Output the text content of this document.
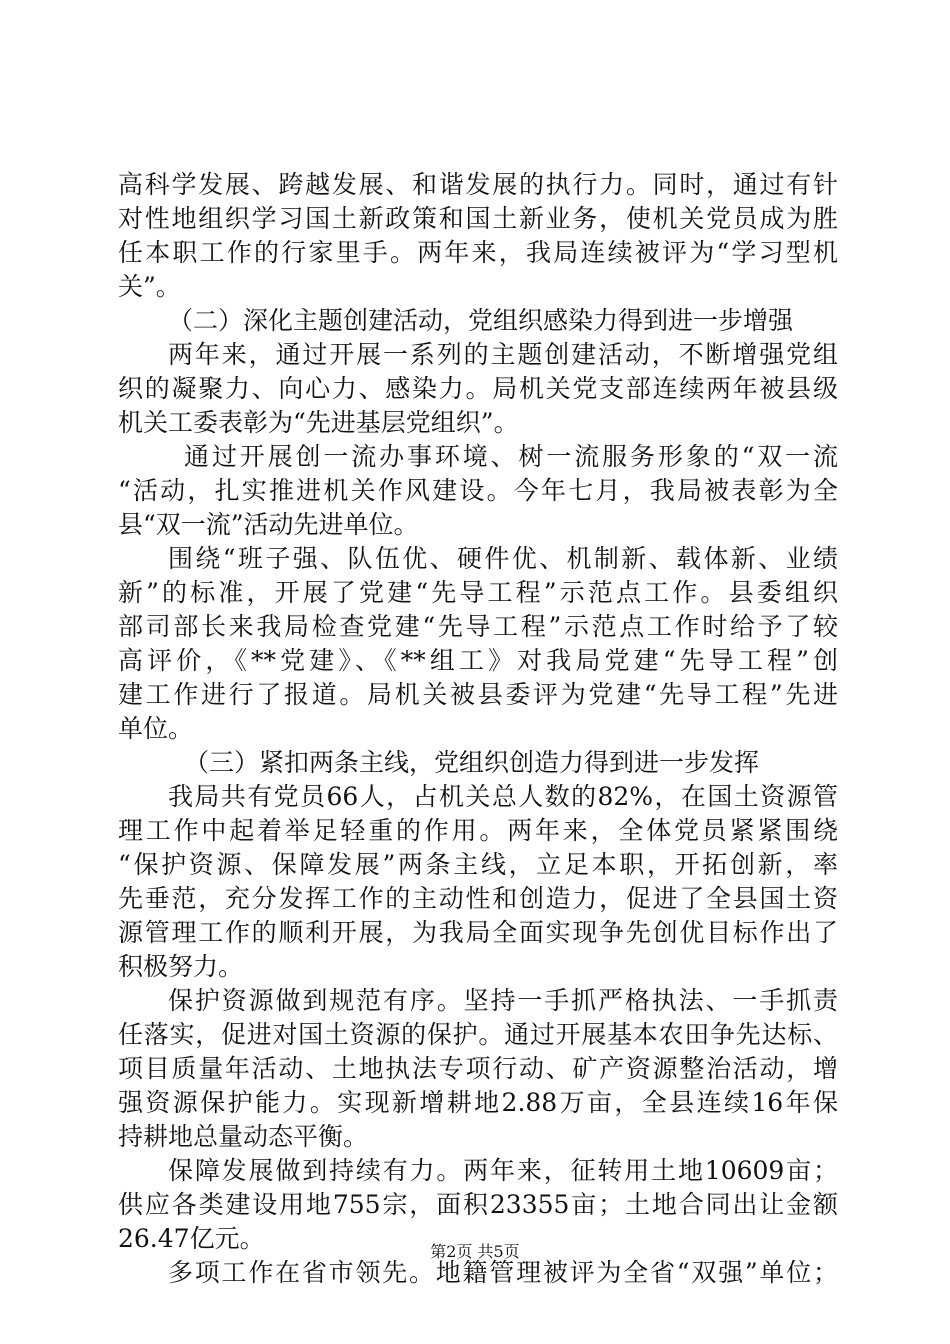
高科学发展、跨越发展、和谐发展的执行力。同时，通过有针
对性地组织学习国土新政策和国土新业务，使机关党员成为胜
任本职工作的行家里手。两年来，我局连续被评为“学习型机
关”。
（二）深化主题创建活动，党组织感染力得到进一步增强
两年来，通过开展一系列的主题创建活动，不断增强党组
织的凝聚力、向心力、感染力。局机关党支部连续两年被县级
机关工委表彰为“先进基层党组织”。
通过开展创一流办事环境、树一流服务形象的“双一流
“活动，扎实推进机关作风建设。今年七月，我局被表彰为全
县“双一流”活动先进单位。
围绕“班子强、队伍优、硬件优、机制新、载体新、业绩
新”的标准，开展了党建“先导工程”示范点工作。县委组织
部司部长来我局检查党建“先导工程”示范点工作时给予了较
高评价，《**党建》、《**组工》对我局党建“先导工程”创
建工作进行了报道。局机关被县委评为党建“先导工程”先进
单位。
（三）紧扣两条主线，党组织创造力得到进一步发挥
我局共有党员66人，占机关总人数的82%，在国土资源管
理工作中起着举足轻重的作用。两年来，全体党员紧紧围绕
“保护资源、保障发展”两条主线，立足本职，开拓创新，率
先垂范，充分发挥工作的主动性和创造力，促进了全县国土资
源管理工作的顺利开展，为我局全面实现争先创优目标作出了
积极努力。
保护资源做到规范有序。坚持一手抓严格执法、一手抓责
任落实，促进对国土资源的保护。通过开展基本农田争先达标、
项目质量年活动、土地执法专项行动、矿产资源整治活动，增
强资源保护能力。实现新增耕地2.88万亩，全县连续16年保
持耕地总量动态平衡。
保障发展做到持续有力。两年来，征转用土地10609亩；
供应各类建设用地755宗，面积23355亩；土地合同出让金额
26.47亿元。
多项工作在省市领先。地籍管理被评为全省“双强”单位；
第2页 共5页
